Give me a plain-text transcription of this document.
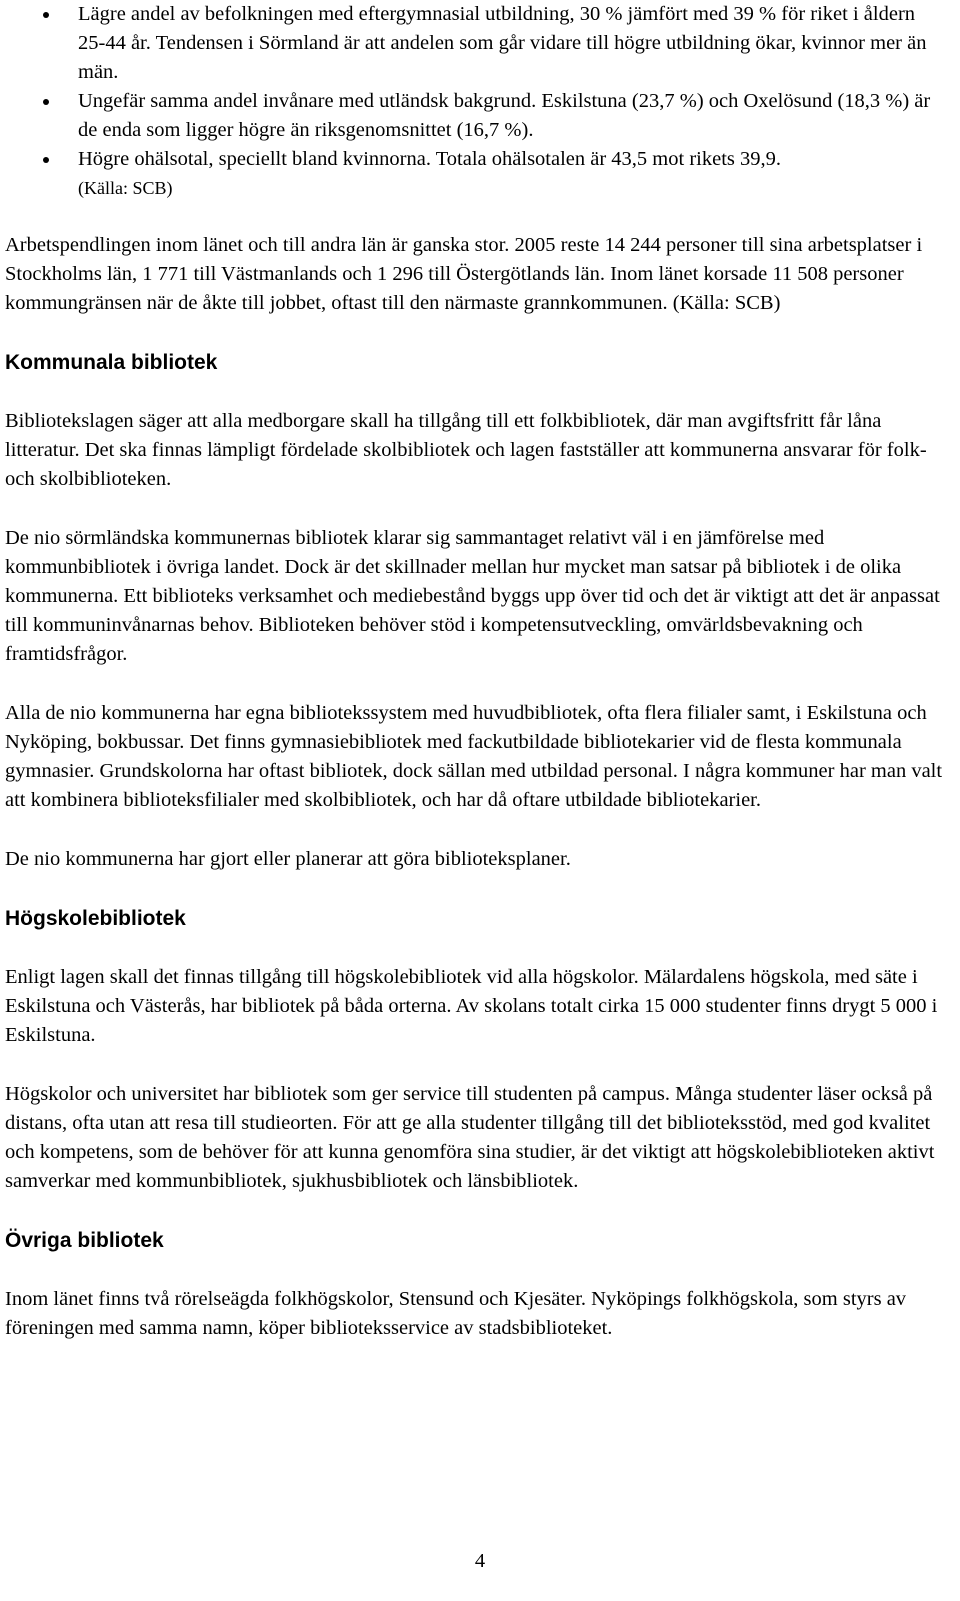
Lägre andel av befolkningen med eftergymnasial utbildning, 30 % jämfört med 39 % för riket i åldern 25-44 år. Tendensen i Sörmland är att andelen som går vidare till högre utbildning ökar, kvinnor mer än män.
Ungefär samma andel invånare med utländsk bakgrund. Eskilstuna (23,7 %) och Oxelösund (18,3 %) är de enda som ligger högre än riksgenomsnittet (16,7 %).
Högre ohälsotal, speciellt bland kvinnorna. Totala ohälsotalen är 43,5 mot rikets 39,9.
(Källa: SCB)

Arbetspendlingen inom länet och till andra län är ganska stor. 2005 reste 14 244 personer till sina arbetsplatser i Stockholms län, 1 771 till Västmanlands och 1 296 till Östergötlands län. Inom länet korsade 11 508 personer kommungränsen när de åkte till jobbet, oftast till den närmaste grannkommunen. (Källa: SCB)

Kommunala bibliotek

Bibliotekslagen säger att alla medborgare skall ha tillgång till ett folkbibliotek, där man avgiftsfritt får låna litteratur. Det ska finnas lämpligt fördelade skolbibliotek och lagen fastställer att kommunerna ansvarar för folk- och skolbiblioteken.

De nio sörmländska kommunernas bibliotek klarar sig sammantaget relativt väl i en jämförelse med kommunbibliotek i övriga landet. Dock är det skillnader mellan hur mycket man satsar på bibliotek i de olika kommunerna. Ett biblioteks verksamhet och mediebestånd byggs upp över tid och det är viktigt att det är anpassat till kommuninvånarnas behov. Biblioteken behöver stöd i kompetensutveckling, omvärldsbevakning och framtidsfrågor.

Alla de nio kommunerna har egna bibliotekssystem med huvudbibliotek, ofta flera filialer samt, i Eskilstuna och Nyköping, bokbussar. Det finns gymnasiebibliotek med fackutbildade bibliotekarier vid de flesta kommunala gymnasier. Grundskolorna har oftast bibliotek, dock sällan med utbildad personal. I några kommuner har man valt att kombinera biblioteksfilialer med skolbibliotek, och har då oftare utbildade bibliotekarier.

De nio kommunerna har gjort eller planerar att göra biblioteksplaner.

Högskolebibliotek

Enligt lagen skall det finnas tillgång till högskolebibliotek vid alla högskolor. Mälardalens högskola, med säte i Eskilstuna och Västerås, har bibliotek på båda orterna. Av skolans totalt cirka 15 000 studenter finns drygt 5 000 i Eskilstuna.

Högskolor och universitet har bibliotek som ger service till studenten på campus. Många studenter läser också på distans, ofta utan att resa till studieorten. För att ge alla studenter tillgång till det biblioteksstöd, med god kvalitet och kompetens, som de behöver för att kunna genomföra sina studier, är det viktigt att högskolebiblioteken aktivt samverkar med kommunbibliotek, sjukhusbibliotek och länsbibliotek.

Övriga bibliotek

Inom länet finns två rörelseägda folkhögskolor, Stensund och Kjesäter. Nyköpings folkhögskola, som styrs av föreningen med samma namn, köper biblioteksservice av stadsbiblioteket.

4
